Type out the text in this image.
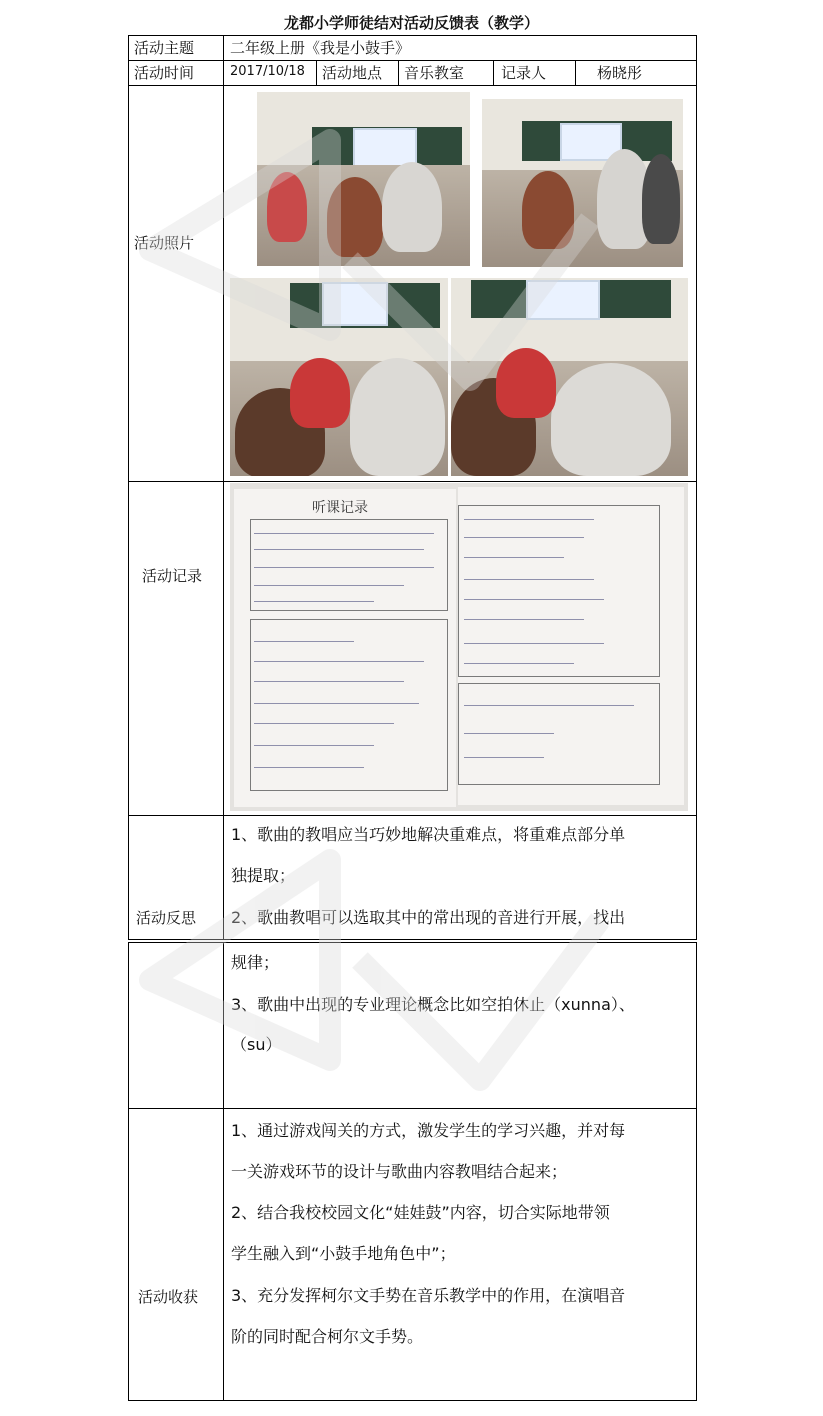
龙都小学师徒结对活动反馈表（教学）
活动主题 二年级上册《我是小鼓手》
活动时间	2017/10/18 活动地点 音乐教室 记录人	杨晓彤
活动照片
活动记录
活动反思
听课记录
1、歌曲的教唱应当巧妙地解决重难点，将重难点部分单
独提取；
2、歌曲教唱可以选取其中的常出现的音进行开展，找出
规律；
3、歌曲中出现的专业理论概念比如空拍休止（xunna）、
（su）
活动收获
1、通过游戏闯关的方式，激发学生的学习兴趣，并对每
一关游戏环节的设计与歌曲内容教唱结合起来；
2、结合我校校园文化“娃娃鼓”内容，切合实际地带领
学生融入到“小鼓手地角色中”；
3、充分发挥柯尔文手势在音乐教学中的作用，在演唱音
阶的同时配合柯尔文手势。
